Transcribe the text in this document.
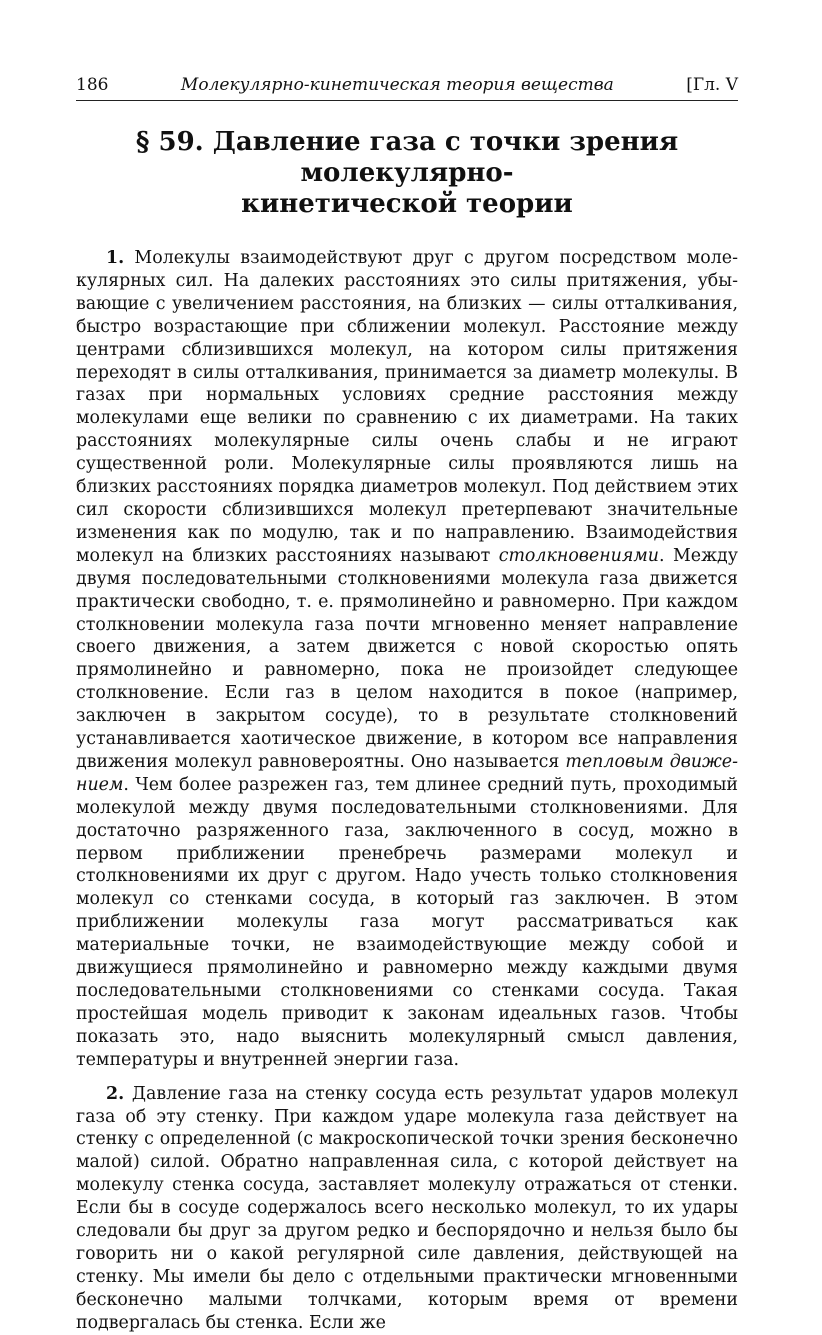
186	Молекулярно-кинетическая теория вещества	[Гл. V
§ 59. Давление газа с точки зрения молекулярно-
кинетической теории

1. Молекулы взаимодействуют друг с другом посредством молекулярных сил. На далеких расстояниях это силы притяжения, убывающие с увеличением расстояния, на близких — силы отталкивания, быстро возрастающие при сближении молекул. Расстояние между центрами сблизившихся молекул, на котором силы притяжения переходят в силы отталкивания, принимается за диаметр молекулы. В газах при нормальных условиях средние расстояния между молекулами еще велики по сравнению с их диаметрами. На таких расстояниях молекулярные силы очень слабы и не играют существенной роли. Молекулярные силы проявляются лишь на близких расстояниях порядка диаметров молекул. Под действием этих сил скорости сблизившихся молекул претерпевают значительные изменения как по модулю, так и по направлению. Взаимодействия молекул на близких расстояниях называют столкновениями. Между двумя последовательными столкновениями молекула газа движется практически свободно, т. е. прямолинейно и равномерно. При каждом столкновении молекула газа почти мгновенно меняет направление своего движения, а затем движется с новой скоростью опять прямолинейно и равномерно, пока не произойдет следующее столкновение. Если газ в целом находится в покое (например, заключен в закрытом сосуде), то в результате столкновений устанавливается хаотическое движение, в котором все направления движения молекул равновероятны. Оно называется тепловым движением. Чем более разрежен газ, тем длинее средний путь, проходимый молекулой между двумя последовательными столкновениями. Для достаточно разряженного газа, заключенного в сосуд, можно в первом приближении пренебречь размерами молекул и столкновениями их друг с другом. Надо учесть только столкновения молекул со стенками сосуда, в который газ заключен. В этом приближении молекулы газа могут рассматриваться как материальные точки, не взаимодействующие между собой и движущиеся прямолинейно и равномерно между каждыми двумя последовательными столкновениями со стенками сосуда. Такая простейшая модель приводит к законам идеальных газов. Чтобы показать это, надо выяснить молекулярный смысл давления, температуры и внутренней энергии газа.

2. Давление газа на стенку сосуда есть результат ударов молекул газа об эту стенку. При каждом ударе молекула газа действует на стенку с определенной (с макроскопической точки зрения бесконечно малой) силой. Обратно направленная сила, с которой действует на молекулу стенка сосуда, заставляет молекулу отражаться от стенки. Если бы в сосуде содержалось всего несколько молекул, то их удары следовали бы друг за другом редко и беспорядочно и нельзя было бы говорить ни о какой регулярной силе давления, действующей на стенку. Мы имели бы дело с отдельными практически мгновенными бесконечно малыми толчками, которым время от времени подвергалась бы стенка. Если же
